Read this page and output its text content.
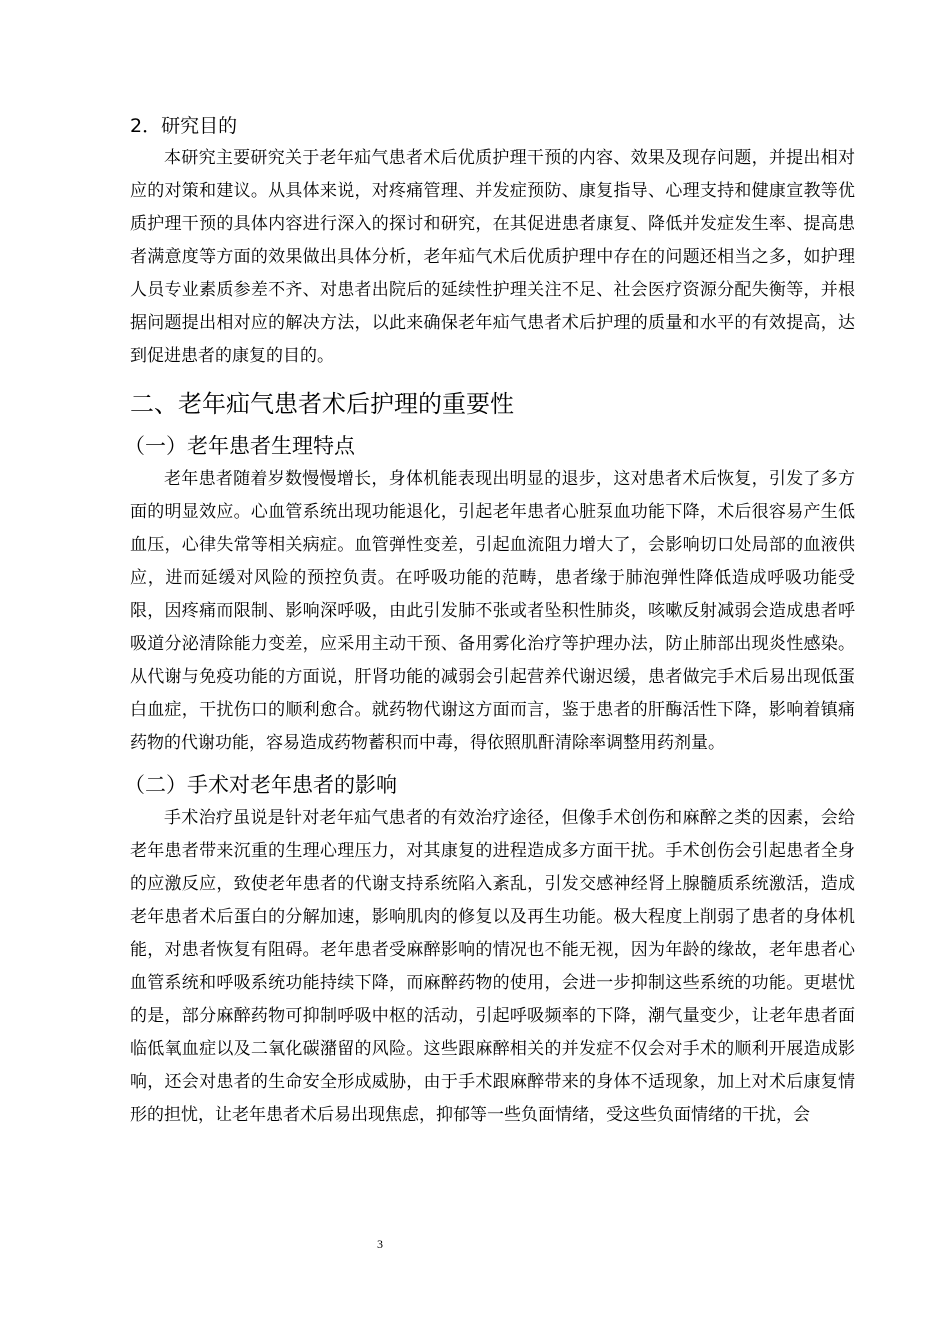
2．研究目的

本研究主要研究关于老年疝气患者术后优质护理干预的内容、效果及现存问题，并提出相对应的对策和建议。从具体来说，对疼痛管理、并发症预防、康复指导、心理支持和健康宣教等优质护理干预的具体内容进行深入的探讨和研究，在其促进患者康复、降低并发症发生率、提高患者满意度等方面的效果做出具体分析，老年疝气术后优质护理中存在的问题还相当之多，如护理人员专业素质参差不齐、对患者出院后的延续性护理关注不足、社会医疗资源分配失衡等，并根据问题提出相对应的解决方法，以此来确保老年疝气患者术后护理的质量和水平的有效提高，达到促进患者的康复的目的。

二、老年疝气患者术后护理的重要性
（一）老年患者生理特点

老年患者随着岁数慢慢增长，身体机能表现出明显的退步，这对患者术后恢复，引发了多方面的明显效应。心血管系统出现功能退化，引起老年患者心脏泵血功能下降，术后很容易产生低血压，心律失常等相关病症。血管弹性变差，引起血流阻力增大了，会影响切口处局部的血液供应，进而延缓对风险的预控负责。在呼吸功能的范畴，患者缘于肺泡弹性降低造成呼吸功能受限，因疼痛而限制、影响深呼吸，由此引发肺不张或者坠积性肺炎，咳嗽反射减弱会造成患者呼吸道分泌清除能力变差，应采用主动干预、备用雾化治疗等护理办法，防止肺部出现炎性感染。从代谢与免疫功能的方面说，肝肾功能的减弱会引起营养代谢迟缓，患者做完手术后易出现低蛋白血症，干扰伤口的顺利愈合。就药物代谢这方面而言，鉴于患者的肝酶活性下降，影响着镇痛药物的代谢功能，容易造成药物蓄积而中毒，得依照肌酐清除率调整用药剂量。

（二）手术对老年患者的影响

手术治疗虽说是针对老年疝气患者的有效治疗途径，但像手术创伤和麻醉之类的因素，会给老年患者带来沉重的生理心理压力，对其康复的进程造成多方面干扰。手术创伤会引起患者全身的应激反应，致使老年患者的代谢支持系统陷入紊乱，引发交感神经肾上腺髓质系统激活，造成老年患者术后蛋白的分解加速，影响肌肉的修复以及再生功能。极大程度上削弱了患者的身体机能，对患者恢复有阻碍。老年患者受麻醉影响的情况也不能无视，因为年龄的缘故，老年患者心血管系统和呼吸系统功能持续下降，而麻醉药物的使用，会进一步抑制这些系统的功能。更堪忧的是，部分麻醉药物可抑制呼吸中枢的活动，引起呼吸频率的下降，潮气量变少，让老年患者面临低氧血症以及二氧化碳潴留的风险。这些跟麻醉相关的并发症不仅会对手术的顺利开展造成影响，还会对患者的生命安全形成威胁，由于手术跟麻醉带来的身体不适现象，加上对术后康复情形的担忧，让老年患者术后易出现焦虑，抑郁等一些负面情绪，受这些负面情绪的干扰，会

3
